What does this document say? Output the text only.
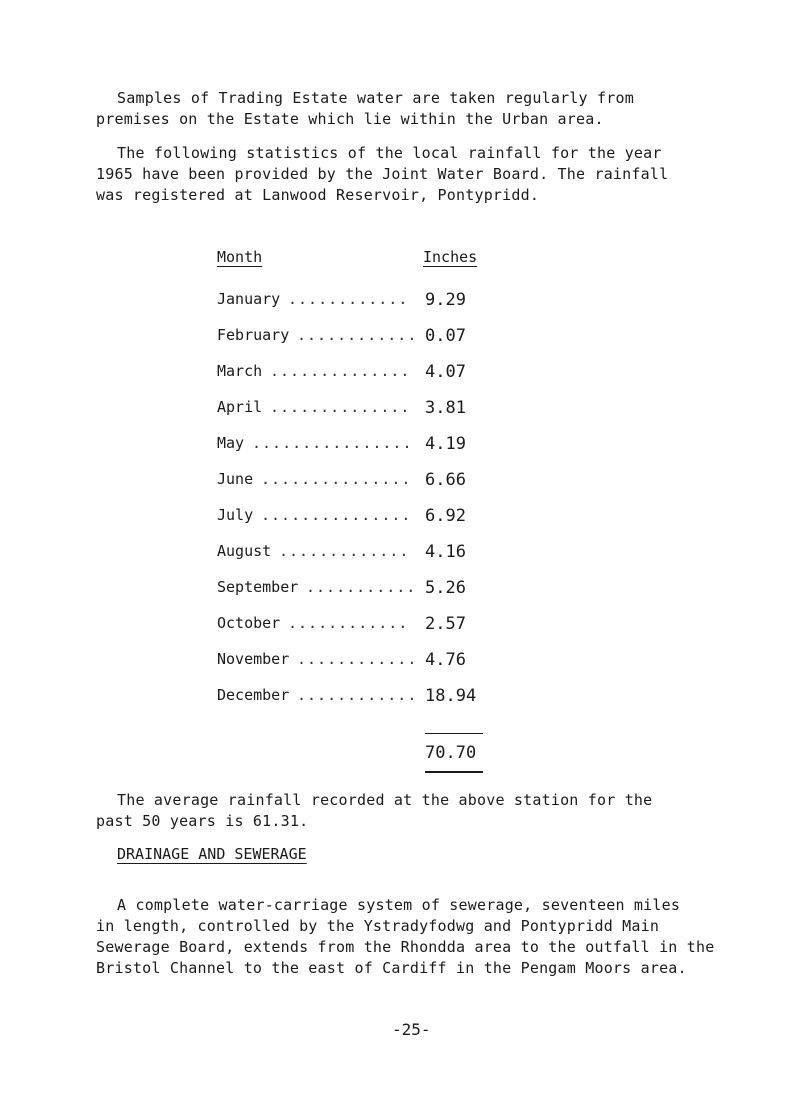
Samples of Trading Estate water are taken regularly from
premises on the Estate which lie within the Urban area.
The following statistics of the local rainfall for the year
1965 have been provided by the Joint Water Board. The rainfall
was registered at Lanwood Reservoir, Pontypridd.
Month	Inches
January ............ 9.29
February ............ 0.07
March .............. 4.07
April .............. 3.81
May ................ 4.19
June ............... 6.66
July ............... 6.92
August ............. 4.16
September ........... 5.26
October ............ 2.57
November ............ 4.76
December ............ 18.94
70.70
The average rainfall recorded at the above station for the
past 50 years is 61.31.
DRAINAGE AND SEWERAGE
A complete water-carriage system of sewerage, seventeen miles
in length, controlled by the Ystradyfodwg and Pontypridd Main
Sewerage Board, extends from the Rhondda area to the outfall in the
Bristol Channel to the east of Cardiff in the Pengam Moors area.
-25-
